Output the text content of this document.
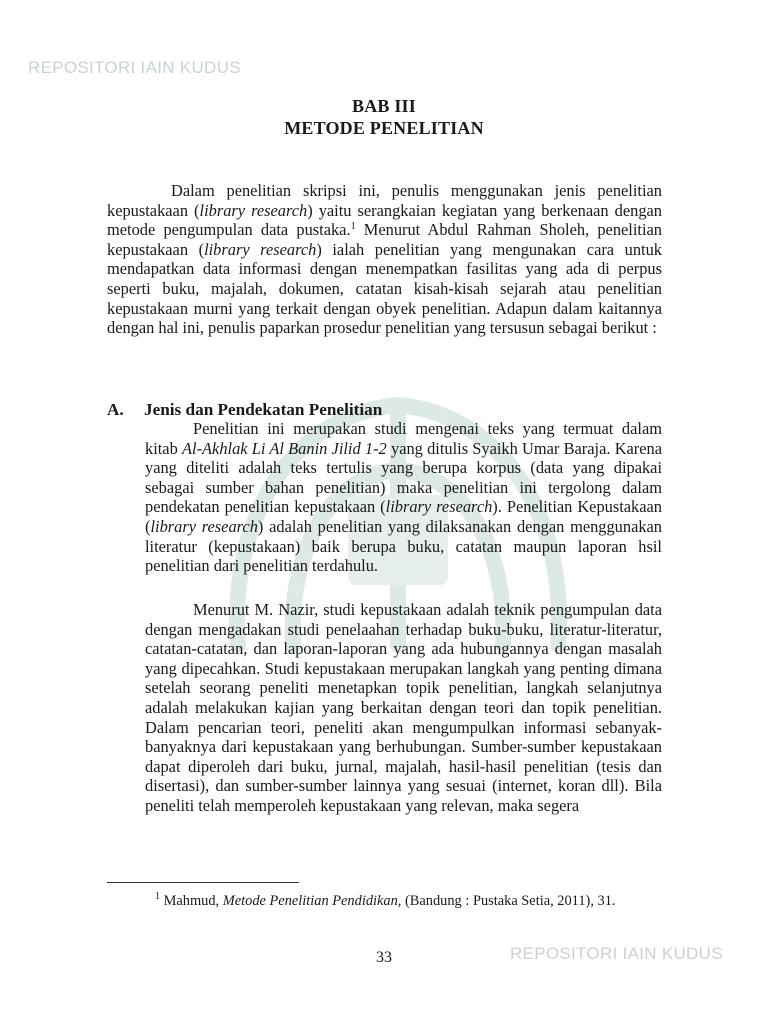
REPOSITORI IAIN KUDUS
BAB III
METODE PENELITIAN

Dalam penelitian skripsi ini, penulis menggunakan jenis penelitian kepustakaan (library research) yaitu serangkaian kegiatan yang berkenaan dengan metode pengumpulan data pustaka.$^1$ Menurut Abdul Rahman Sholeh, penelitian kepustakaan (library research) ialah penelitian yang mengunakan cara untuk mendapatkan data informasi dengan menempatkan fasilitas yang ada di perpus seperti buku, majalah, dokumen, catatan kisah-kisah sejarah atau penelitian kepustakaan murni yang terkait dengan obyek penelitian. Adapun dalam kaitannya dengan hal ini, penulis paparkan prosedur penelitian yang tersusun sebagai berikut :

A. Jenis dan Pendekatan Penelitian

Penelitian ini merupakan studi mengenai teks yang termuat dalam kitab Al-Akhlak Li Al Banin Jilid 1-2 yang ditulis Syaikh Umar Baraja. Karena yang diteliti adalah teks tertulis yang berupa korpus (data yang dipakai sebagai sumber bahan penelitian) maka penelitian ini tergolong dalam pendekatan penelitian kepustakaan (library research). Penelitian Kepustakaan (library research) adalah penelitian yang dilaksanakan dengan menggunakan literatur (kepustakaan) baik berupa buku, catatan maupun laporan hsil penelitian dari penelitian terdahulu.

Menurut M. Nazir, studi kepustakaan adalah teknik pengumpulan data dengan mengadakan studi penelaahan terhadap buku-buku, literatur-literatur, catatan-catatan, dan laporan-laporan yang ada hubungannya dengan masalah yang dipecahkan. Studi kepustakaan merupakan langkah yang penting dimana setelah seorang peneliti menetapkan topik penelitian, langkah selanjutnya adalah melakukan kajian yang berkaitan dengan teori dan topik penelitian. Dalam pencarian teori, peneliti akan mengumpulkan informasi sebanyak-banyaknya dari kepustakaan yang berhubungan. Sumber-sumber kepustakaan dapat diperoleh dari buku, jurnal, majalah, hasil-hasil penelitian (tesis dan disertasi), dan sumber-sumber lainnya yang sesuai (internet, koran dll). Bila peneliti telah memperoleh kepustakaan yang relevan, maka segera

$^1$ Mahmud, Metode Penelitian Pendidikan, (Bandung : Pustaka Setia, 2011), 31.

33	REPOSITORI IAIN KUDUS
